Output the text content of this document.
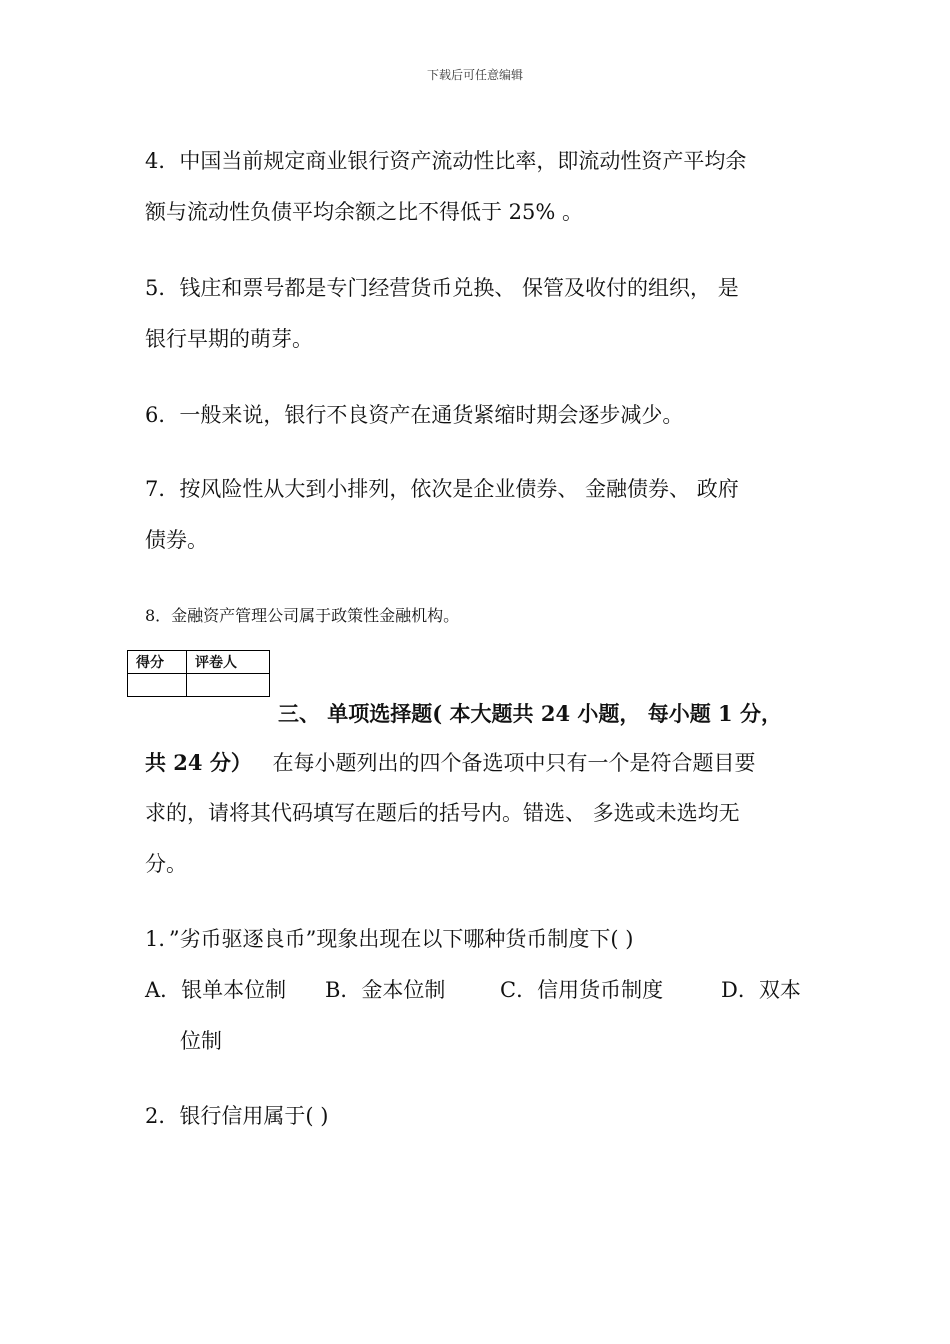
下载后可任意编辑
4．中国当前规定商业银行资产流动性比率，即流动性资产平均余
额与流动性负债平均余额之比不得低于 25% 。
5．钱庄和票号都是专门经营货币兑换、 保管及收付的组织， 是
银行早期的萌芽。
6．一般来说，银行不良资产在通货紧缩时期会逐步减少。
7．按风险性从大到小排列，依次是企业债券、 金融债券、 政府
债券。
8．金融资产管理公司属于政策性金融机构。
得分	评卷人

三、 单项选择题( 本大题共 24 小题， 每小题 1 分，
共 24 分） 在每小题列出的四个备选项中只有一个是符合题目要
求的，请将其代码填写在题后的括号内。错选、 多选或未选均无
分。
1．”劣币驱逐良币”现象出现在以下哪种货币制度下( )
A．银单本位制 B．金本位制	C．信用货币制度	D．双本
位制
2．银行信用属于( )
